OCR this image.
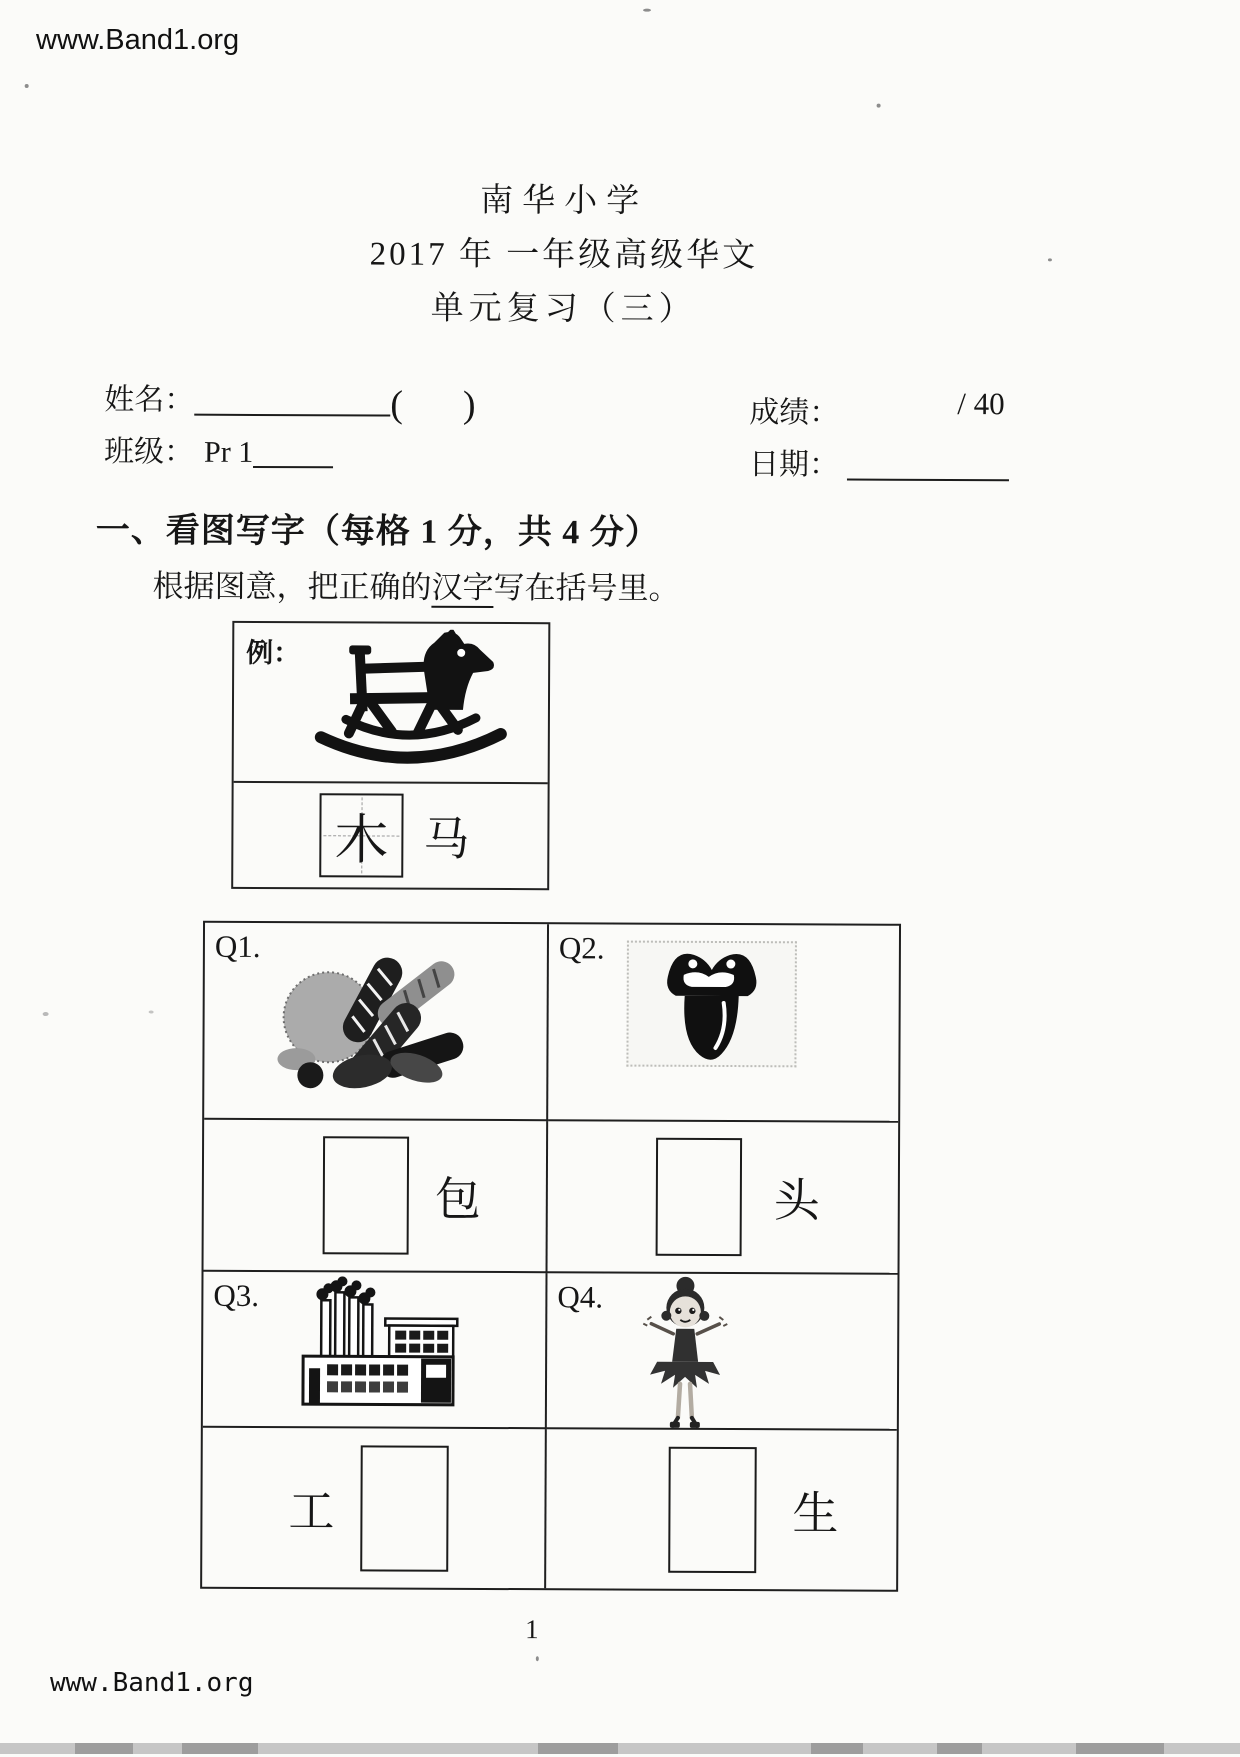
www.Band1.org
南华小学
2017 年 一年级高级华文
单元复习（三）
姓名：	( )
班级： Pr 1
成绩：	/ 40
日期：
一、看图写字（每格 1 分，共 4 分）
根据图意，把正确的汉字写在括号里。
例：
木 马
Q1.	Q2.
包	头
Q3.	Q4.
工	生
1
www.Band1.org
